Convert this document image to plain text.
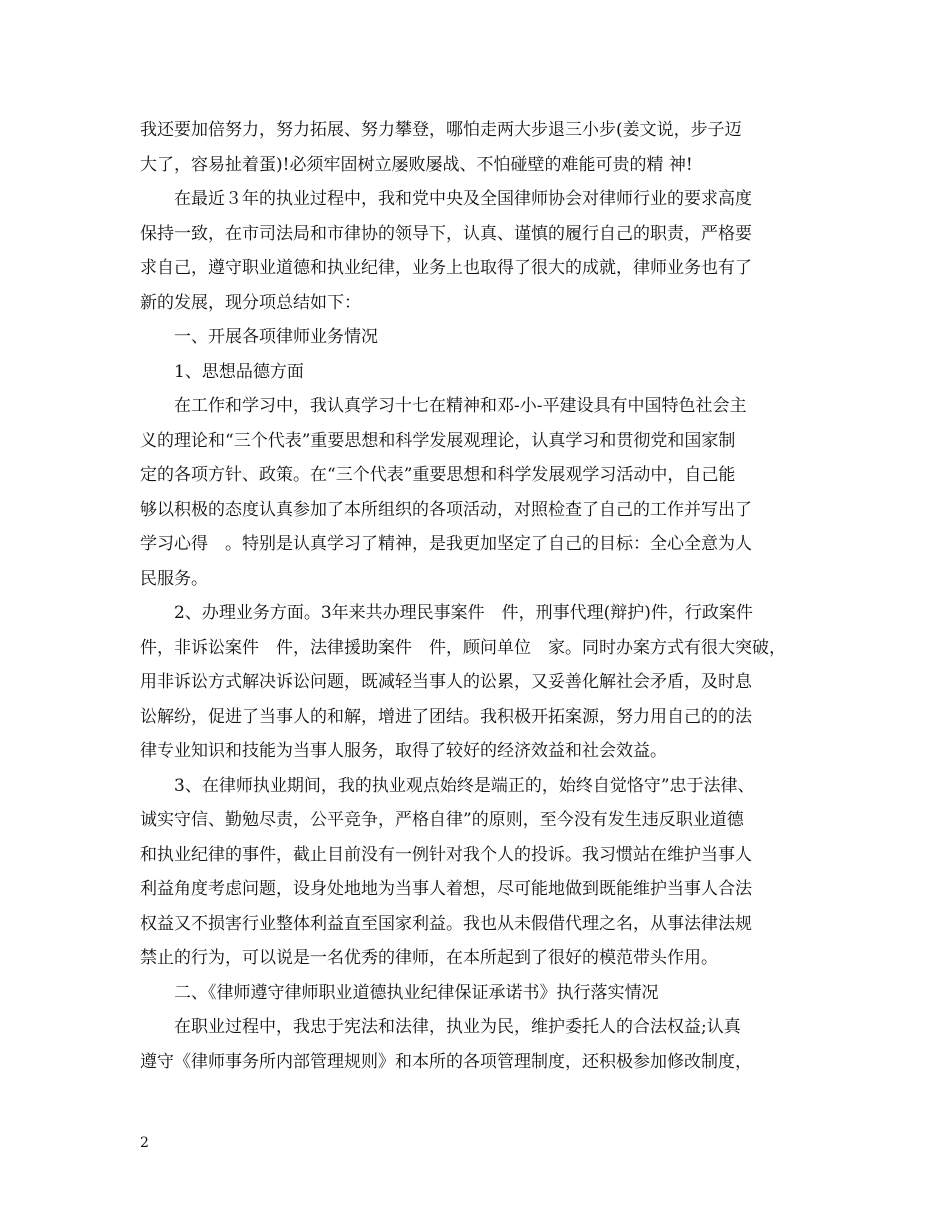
我还要加倍努力，努力拓展、努力攀登，哪怕走两大步退三小步(姜文说，步子迈
大了，容易扯着蛋)!必须牢固树立屡败屡战、不怕碰壁的难能可贵的精 神!
在最近３年的执业过程中，我和党中央及全国律师协会对律师行业的要求高度
保持一致，在市司法局和市律协的领导下，认真、谨慎的履行自己的职责，严格要
求自己，遵守职业道德和执业纪律，业务上也取得了很大的成就，律师业务也有了
新的发展，现分项总结如下：
一、开展各项律师业务情况
1、思想品德方面
在工作和学习中，我认真学习十七在精神和邓-小-平建设具有中国特色社会主
义的理论和“三个代表”重要思想和科学发展观理论，认真学习和贯彻党和国家制
定的各项方针、政策。在“三个代表”重要思想和科学发展观学习活动中，自己能
够以积极的态度认真参加了本所组织的各项活动，对照检查了自己的工作并写出了
学习心得　。特别是认真学习了精神，是我更加坚定了自己的目标：全心全意为人
民服务。
2、办理业务方面。3年来共办理民事案件　件，刑事代理(辩护)件，行政案件
件，非诉讼案件　件，法律援助案件　件，顾问单位　家。同时办案方式有很大突破，
用非诉讼方式解决诉讼问题，既减轻当事人的讼累，又妥善化解社会矛盾，及时息
讼解纷，促进了当事人的和解，增进了团结。我积极开拓案源，努力用自己的的法
律专业知识和技能为当事人服务，取得了较好的经济效益和社会效益。
3、在律师执业期间，我的执业观点始终是端正的，始终自觉恪守”忠于法律、
诚实守信、勤勉尽责，公平竞争，严格自律”的原则，至今没有发生违反职业道德
和执业纪律的事件，截止目前没有一例针对我个人的投诉。我习惯站在维护当事人
利益角度考虑问题，设身处地地为当事人着想，尽可能地做到既能维护当事人合法
权益又不损害行业整体利益直至国家利益。我也从未假借代理之名，从事法律法规
禁止的行为，可以说是一名优秀的律师，在本所起到了很好的模范带头作用。
二、《律师遵守律师职业道德执业纪律保证承诺书》执行落实情况
在职业过程中，我忠于宪法和法律，执业为民，维护委托人的合法权益;认真
遵守《律师事务所内部管理规则》和本所的各项管理制度，还积极参加修改制度，
2
